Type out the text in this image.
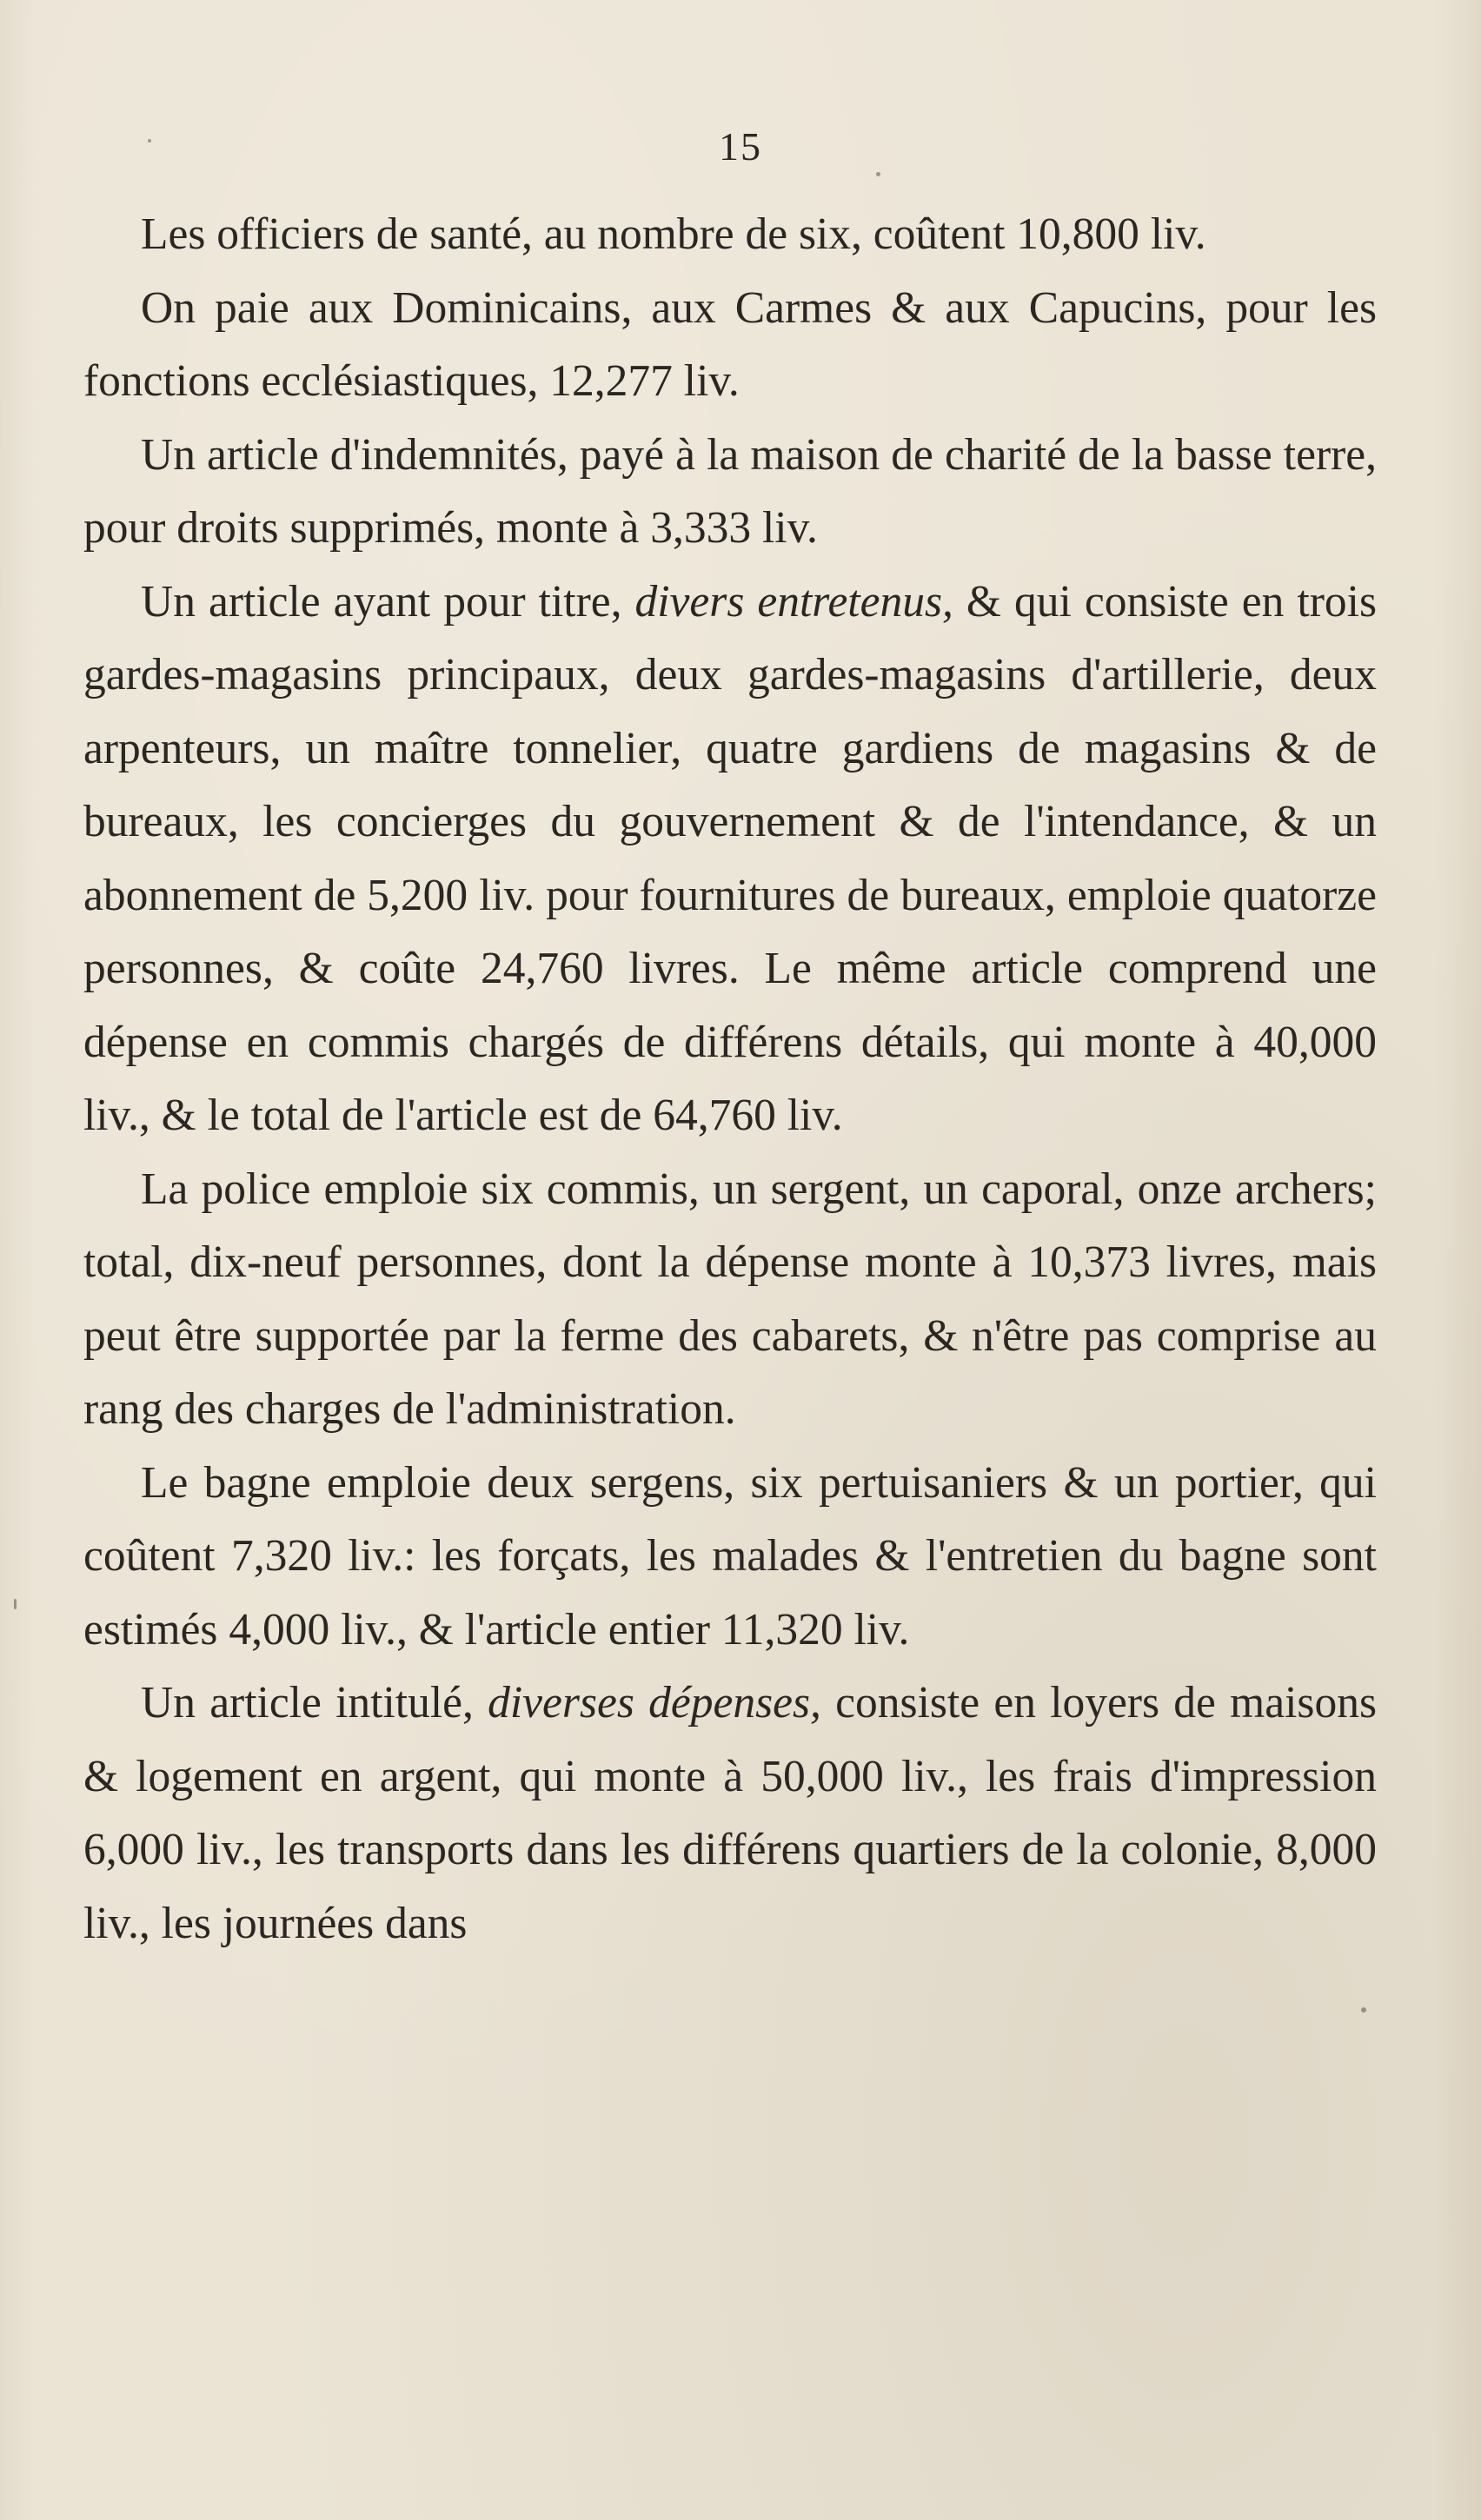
15

Les officiers de santé, au nombre de six, coûtent 10,800 liv.

On paie aux Dominicains, aux Carmes & aux Capucins, pour les fonctions ecclésiastiques, 12,277 liv.

Un article d'indemnités, payé à la maison de charité de la basse terre, pour droits supprimés, monte à 3,333 liv.

Un article ayant pour titre, divers entretenus, & qui consiste en trois gardes-magasins principaux, deux gardes-magasins d'artillerie, deux arpenteurs, un maître tonnelier, quatre gardiens de magasins & de bureaux, les concierges du gouvernement & de l'intendance, & un abonnement de 5,200 liv. pour fournitures de bureaux, emploie quatorze personnes, & coûte 24,760 livres. Le même article comprend une dépense en commis chargés de différens détails, qui monte à 40,000 liv., & le total de l'article est de 64,760 liv.

La police emploie six commis, un sergent, un caporal, onze archers; total, dix-neuf personnes, dont la dépense monte à 10,373 livres, mais peut être supportée par la ferme des cabarets, & n'être pas comprise au rang des charges de l'administration.

Le bagne emploie deux sergens, six pertuisaniers & un portier, qui coûtent 7,320 liv.: les forçats, les malades & l'entretien du bagne sont estimés 4,000 liv., & l'article entier 11,320 liv.

Un article intitulé, diverses dépenses, consiste en loyers de maisons & logement en argent, qui monte à 50,000 liv., les frais d'impression 6,000 liv., les transports dans les différens quartiers de la colonie, 8,000 liv., les journées dans
